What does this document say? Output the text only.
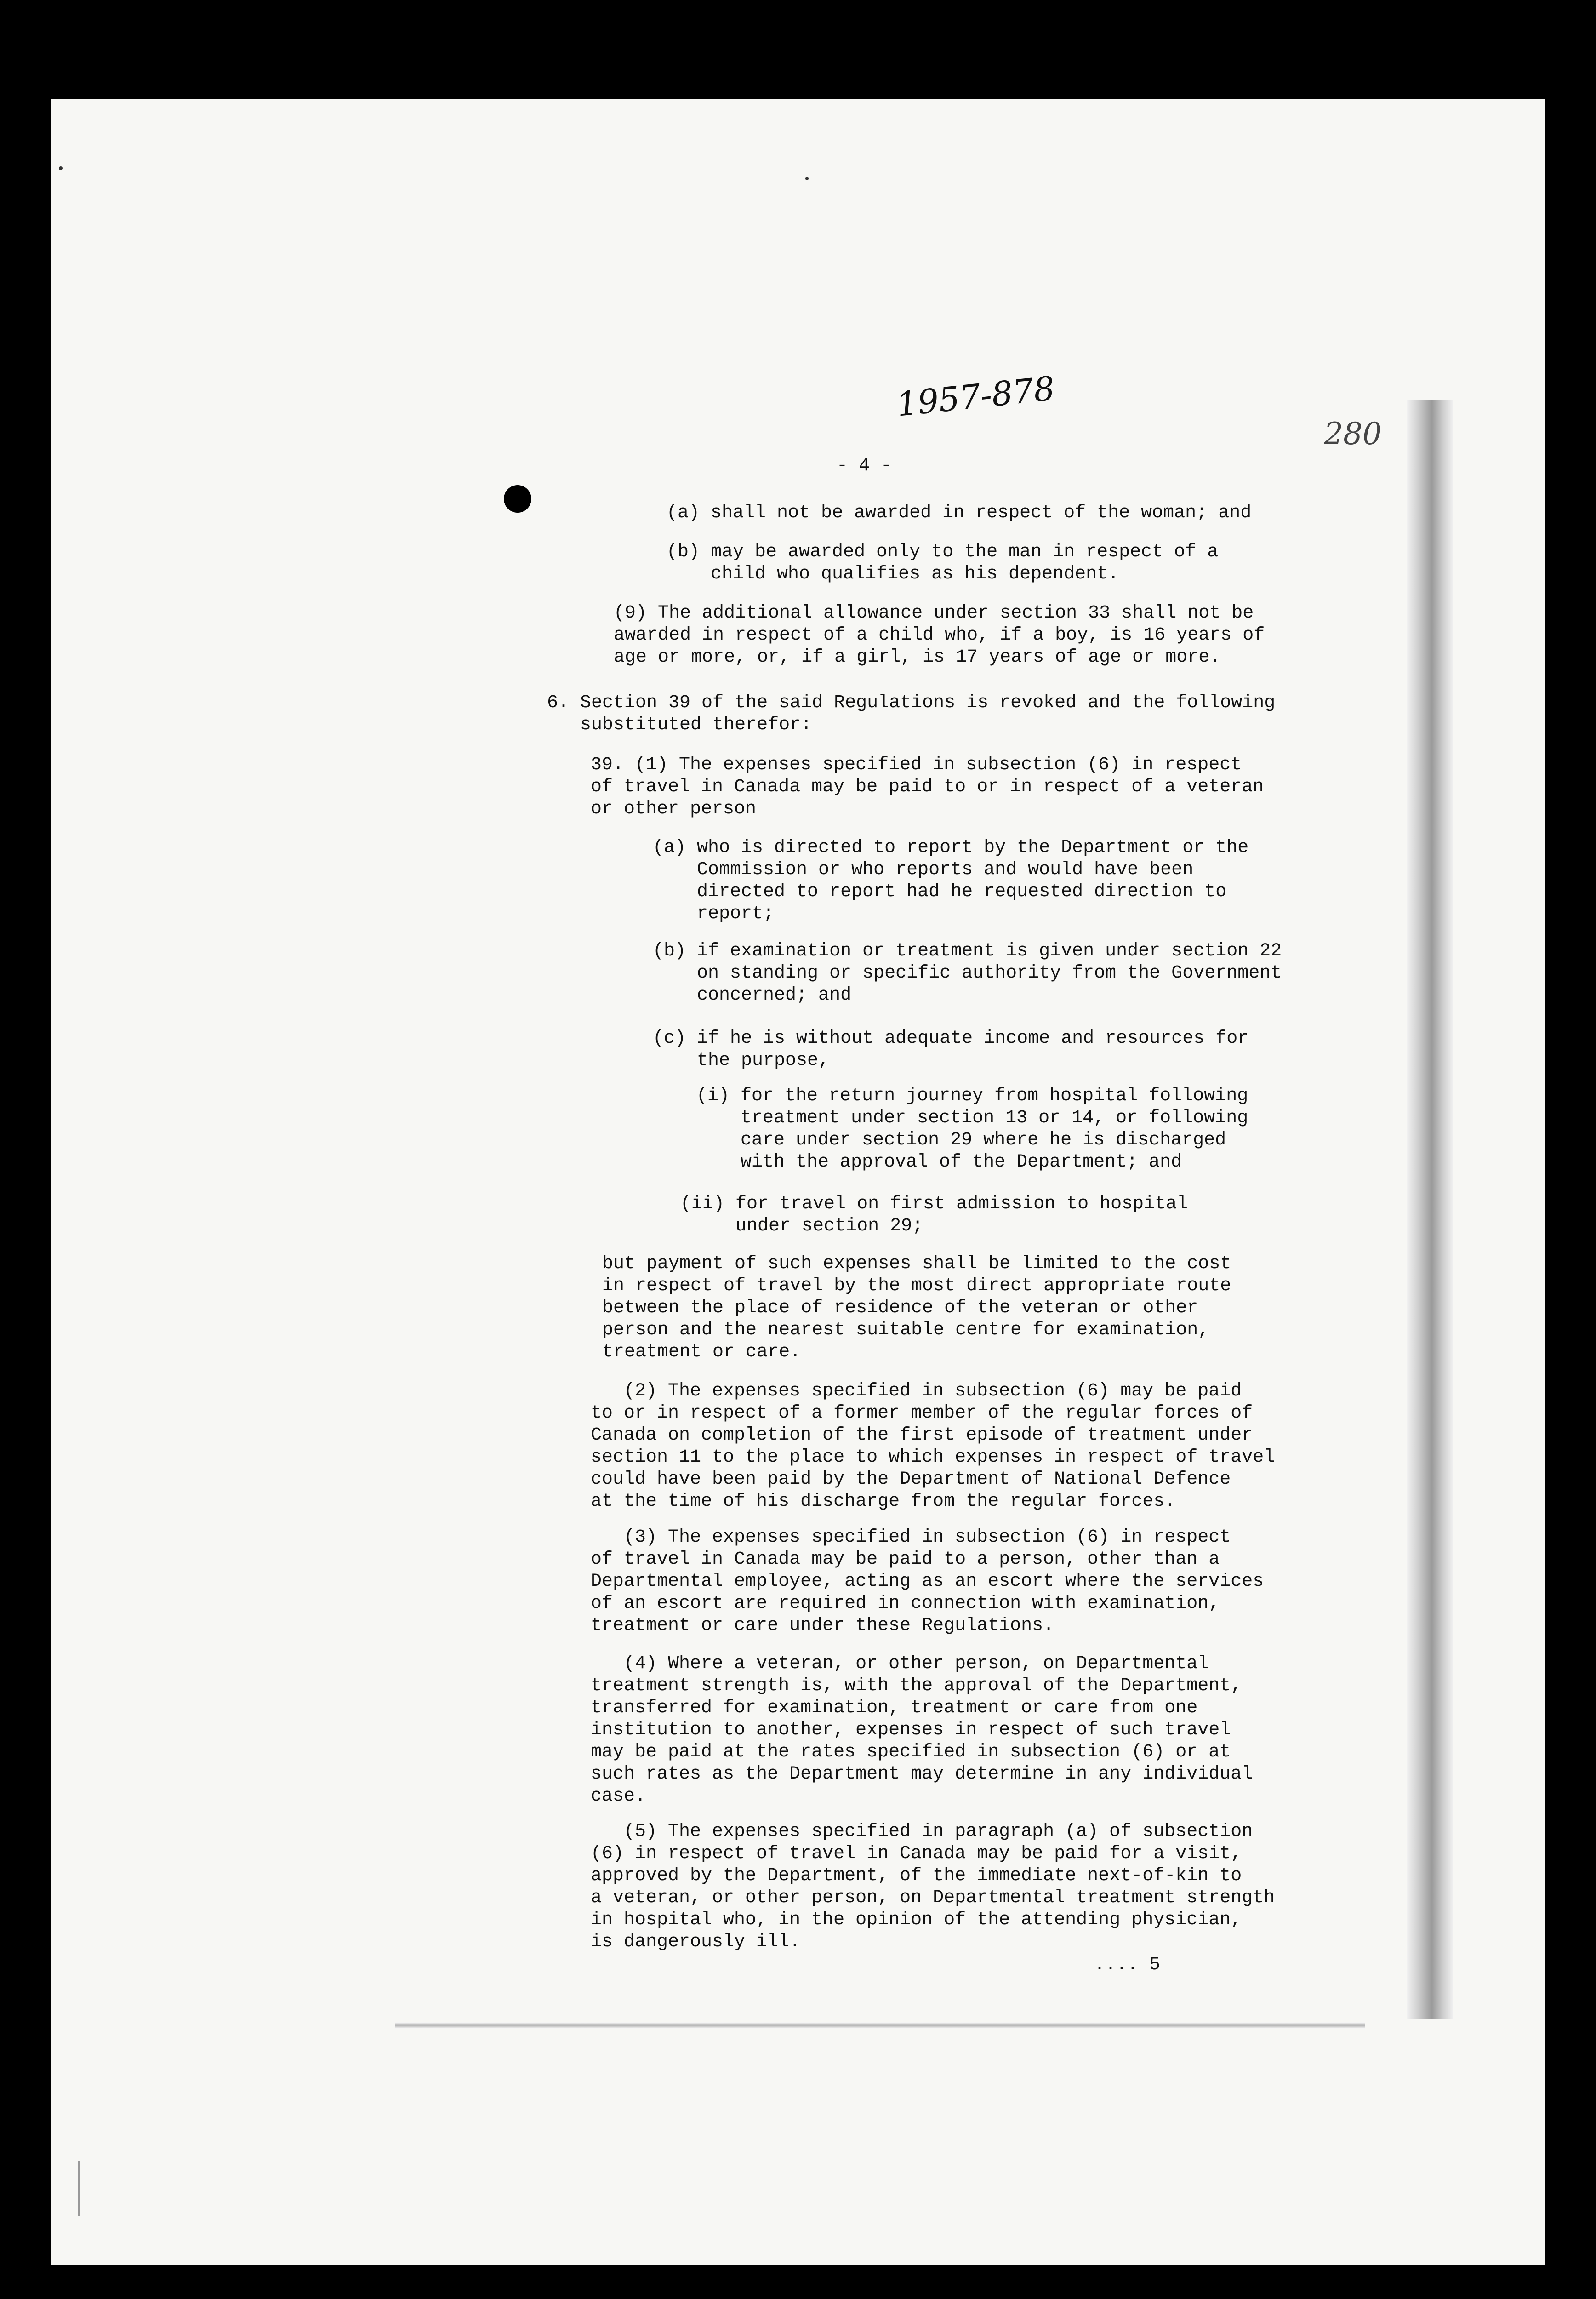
1957-878
280
- 4 -
(a) shall not be awarded in respect of the woman; and
(b) may be awarded only to the man in respect of a
child who qualifies as his dependent.
(9) The additional allowance under section 33 shall not be
awarded in respect of a child who, if a boy, is 16 years of
age or more, or, if a girl, is 17 years of age or more.
6. Section 39 of the said Regulations is revoked and the following
substituted therefor:
39. (1) The expenses specified in subsection (6) in respect
of travel in Canada may be paid to or in respect of a veteran
or other person
(a) who is directed to report by the Department or the
Commission or who reports and would have been
directed to report had he requested direction to
report;
(b) if examination or treatment is given under section 22
on standing or specific authority from the Government
concerned; and
(c) if he is without adequate income and resources for
the purpose,
(i) for the return journey from hospital following
treatment under section 13 or 14, or following
care under section 29 where he is discharged
with the approval of the Department; and
(ii) for travel on first admission to hospital
under section 29;
but payment of such expenses shall be limited to the cost
in respect of travel by the most direct appropriate route
between the place of residence of the veteran or other
person and the nearest suitable centre for examination,
treatment or care.
(2) The expenses specified in subsection (6) may be paid
to or in respect of a former member of the regular forces of
Canada on completion of the first episode of treatment under
section 11 to the place to which expenses in respect of travel
could have been paid by the Department of National Defence
at the time of his discharge from the regular forces.
(3) The expenses specified in subsection (6) in respect
of travel in Canada may be paid to a person, other than a
Departmental employee, acting as an escort where the services
of an escort are required in connection with examination,
treatment or care under these Regulations.
(4) Where a veteran, or other person, on Departmental
treatment strength is, with the approval of the Department,
transferred for examination, treatment or care from one
institution to another, expenses in respect of such travel
may be paid at the rates specified in subsection (6) or at
such rates as the Department may determine in any individual
case.
(5) The expenses specified in paragraph (a) of subsection
(6) in respect of travel in Canada may be paid for a visit,
approved by the Department, of the immediate next-of-kin to
a veteran, or other person, on Departmental treatment strength
in hospital who, in the opinion of the attending physician,
is dangerously ill.
.... 5
